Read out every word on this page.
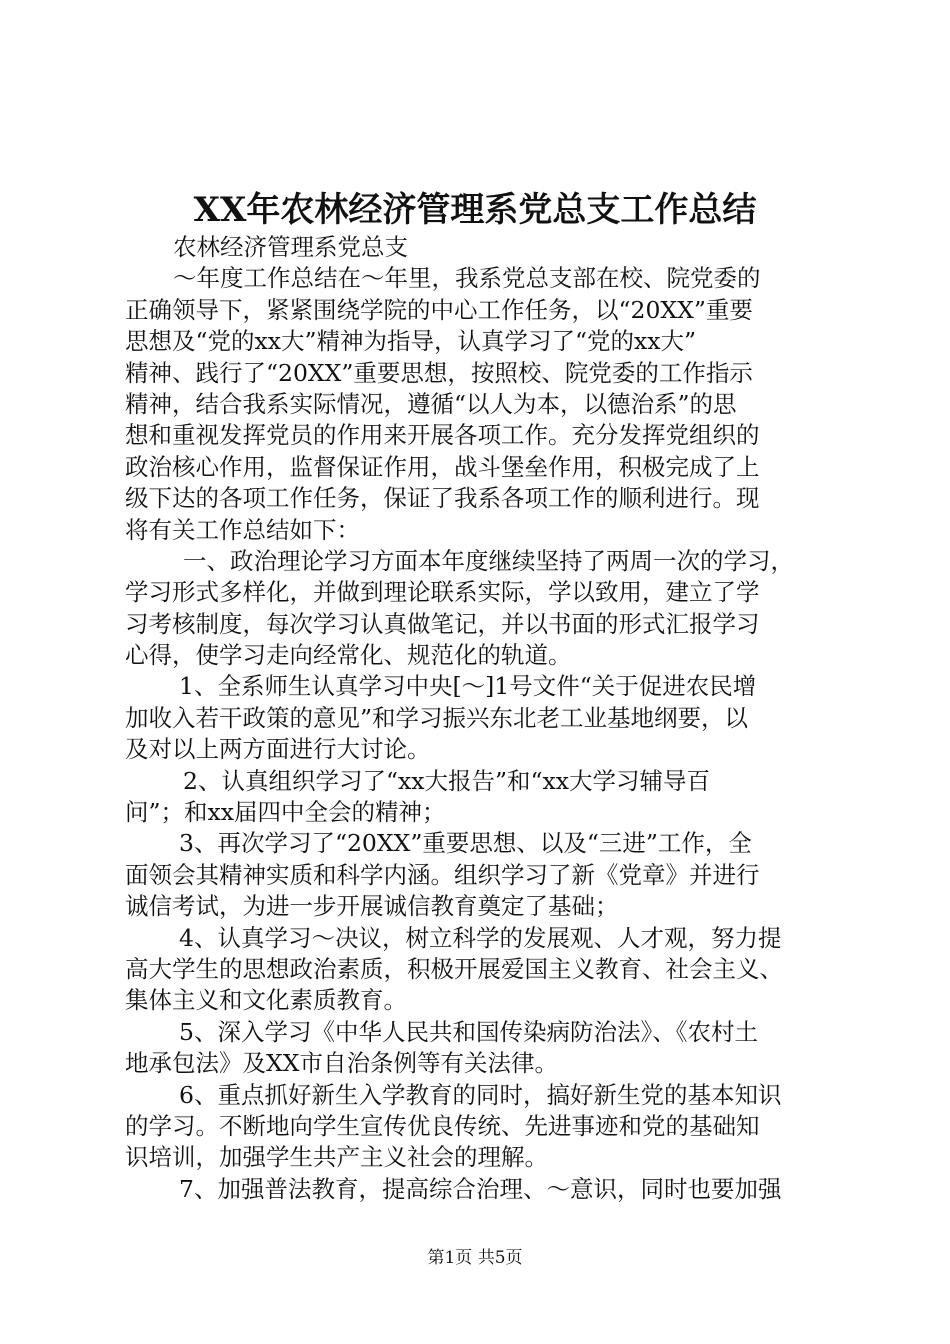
XX年农林经济管理系党总支工作总结
农林经济管理系党总支
～年度工作总结在～年里，我系党总支部在校、院党委的
正确领导下，紧紧围绕学院的中心工作任务，以“20XX”重要
思想及“党的xx大”精神为指导，认真学习了“党的xx大”
精神、践行了“20XX”重要思想，按照校、院党委的工作指示
精神，结合我系实际情况，遵循“以人为本，以德治系”的思
想和重视发挥党员的作用来开展各项工作。充分发挥党组织的
政治核心作用，监督保证作用，战斗堡垒作用，积极完成了上
级下达的各项工作任务，保证了我系各项工作的顺利进行。现
将有关工作总结如下：
一、政治理论学习方面本年度继续坚持了两周一次的学习，
学习形式多样化，并做到理论联系实际，学以致用，建立了学
习考核制度，每次学习认真做笔记，并以书面的形式汇报学习
心得，使学习走向经常化、规范化的轨道。
1、全系师生认真学习中央[～]1号文件“关于促进农民增
加收入若干政策的意见”和学习振兴东北老工业基地纲要，以
及对以上两方面进行大讨论。
2、认真组织学习了“xx大报告”和“xx大学习辅导百
问”；和xx届四中全会的精神；
3、再次学习了“20XX”重要思想、以及“三进”工作，全
面领会其精神实质和科学内涵。组织学习了新《党章》并进行
诚信考试，为进一步开展诚信教育奠定了基础；
4、认真学习～决议，树立科学的发展观、人才观，努力提
高大学生的思想政治素质，积极开展爱国主义教育、社会主义、
集体主义和文化素质教育。
5、深入学习《中华人民共和国传染病防治法》、《农村土
地承包法》及XX市自治条例等有关法律。
6、重点抓好新生入学教育的同时，搞好新生党的基本知识
的学习。不断地向学生宣传优良传统、先进事迹和党的基础知
识培训，加强学生共产主义社会的理解。
7、加强普法教育，提高综合治理、～意识，同时也要加强
第1页 共5页
